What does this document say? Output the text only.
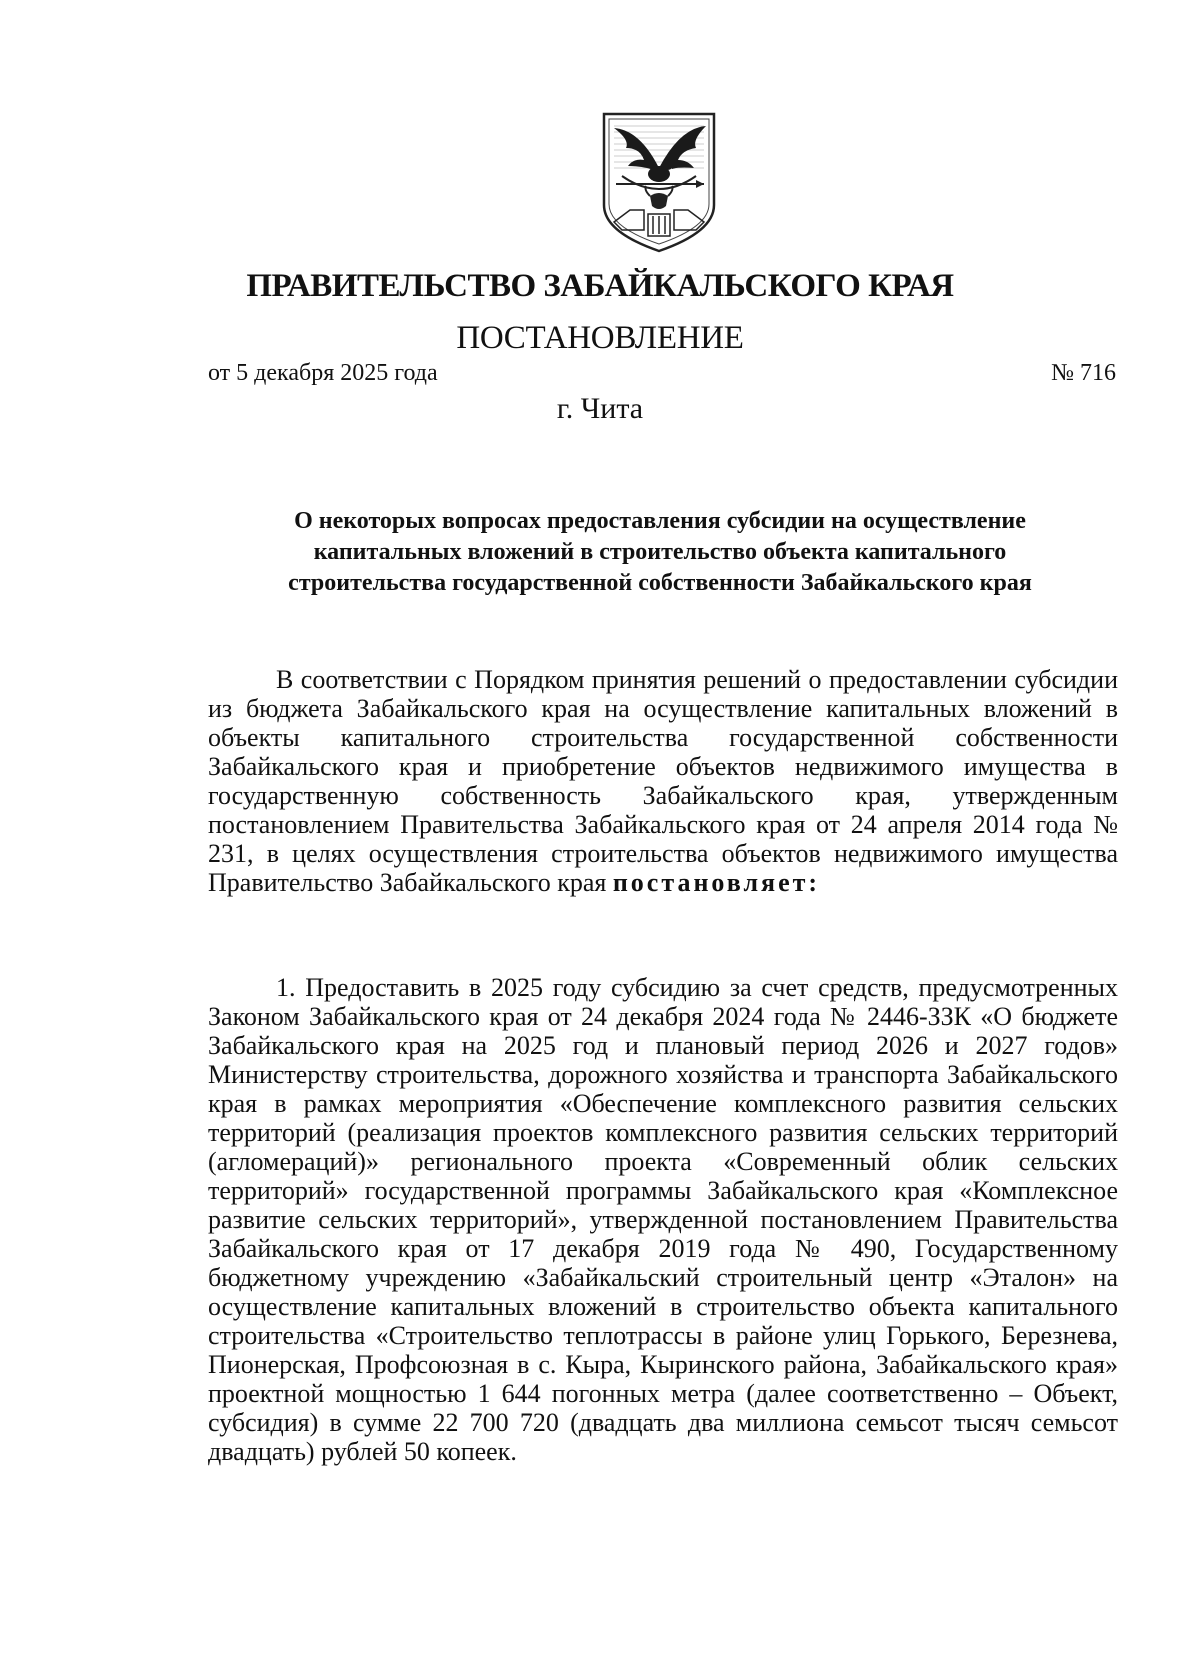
ПРАВИТЕЛЬСТВО ЗАБАЙКАЛЬСКОГО КРАЯ

ПОСТАНОВЛЕНИЕ

от 5 декабря 2025 года	№ 716

г. Чита

О некоторых вопросах предоставления субсидии на осуществление капитальных вложений в строительство объекта капитального строительства государственной собственности Забайкальского края

В соответствии с Порядком принятия решений о предоставлении субсидии из бюджета Забайкальского края на осуществление капитальных вложений в объекты капитального строительства государственной собственности Забайкальского края и приобретение объектов недвижимого имущества в государственную собственность Забайкальского края, утвержденным постановлением Правительства Забайкальского края от 24 апреля 2014 года № 231, в целях осуществления строительства объектов недвижимого имущества Правительство Забайкальского края постановляет:

1. Предоставить в 2025 году субсидию за счет средств, предусмотренных Законом Забайкальского края от 24 декабря 2024 года № 2446-ЗЗК «О бюджете Забайкальского края на 2025 год и плановый период 2026 и 2027 годов» Министерству строительства, дорожного хозяйства и транспорта Забайкальского края в рамках мероприятия «Обеспечение комплексного развития сельских территорий (реализация проектов комплексного развития сельских территорий (агломераций)» регионального проекта «Современный облик сельских территорий» государственной программы Забайкальского края «Комплексное развитие сельских территорий», утвержденной постановлением Правительства Забайкальского края от 17 декабря 2019 года № 490, Государственному бюджетному учреждению «Забайкальский строительный центр «Эталон» на осуществление капитальных вложений в строительство объекта капитального строительства «Строительство теплотрассы в районе улиц Горького, Березнева, Пионерская, Профсоюзная в с. Кыра, Кыринского района, Забайкальского края» проектной мощностью 1 644 погонных метра (далее соответственно – Объект, субсидия) в сумме 22 700 720 (двадцать два миллиона семьсот тысяч семьсот двадцать) рублей 50 копеек.
